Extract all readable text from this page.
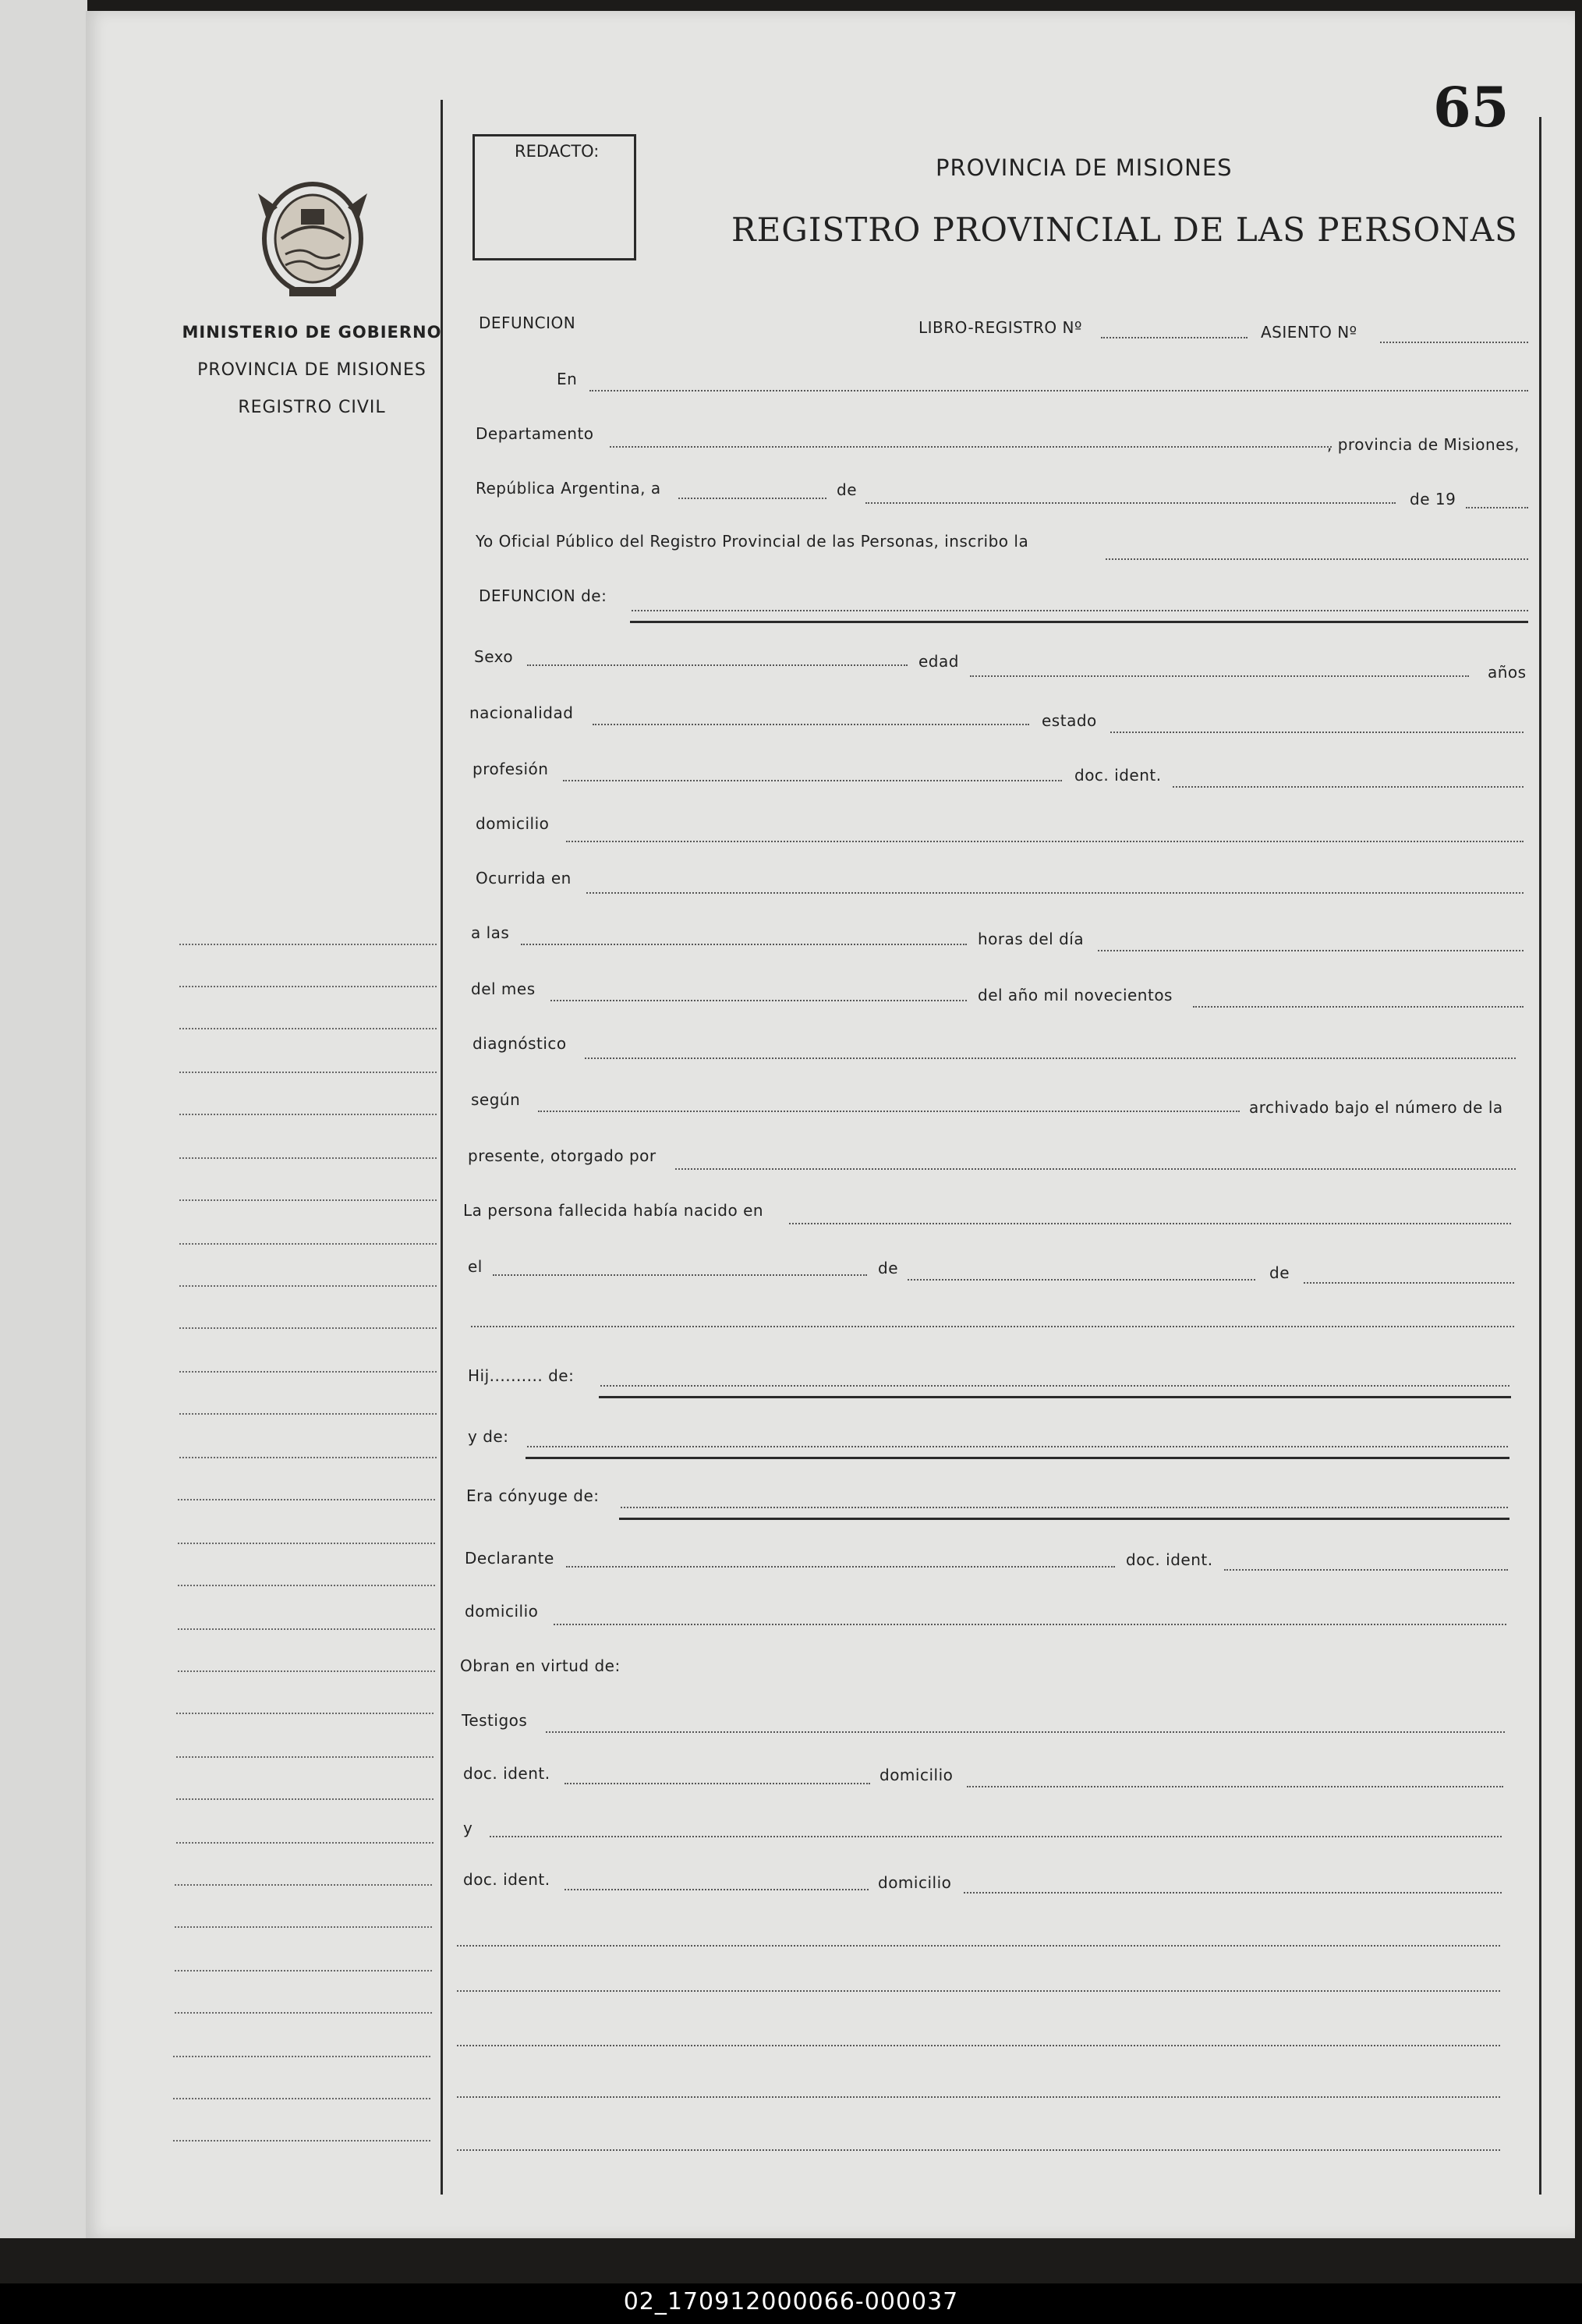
65
REDACTO:
PROVINCIA DE MISIONES
REGISTRO PROVINCIAL DE LAS PERSONAS
MINISTERIO DE GOBIERNO
PROVINCIA DE MISIONES
REGISTRO CIVIL
DEFUNCION	LIBRO-REGISTRO Nº	ASIENTO Nº
En
Departamento
, provincia de Misiones,
República Argentina, a	de	de 19
Yo Oficial Público del Registro Provincial de las Personas, inscribo la
DEFUNCION de:
Sexo	edad
años
nacionalidad	estado
profesión	doc. ident.
domicilio
Ocurrida en
a las	horas del día
del mes	del año mil novecientos
diagnóstico
según	archivado bajo el número de la
presente, otorgado por
La persona fallecida había nacido en
el	de	de
Hij.......... de:
y de:
Era cónyuge de:
Declarante	doc. ident.
domicilio
Obran en virtud de:
Testigos
doc. ident.	domicilio
y
doc. ident.	domicilio
02_170912000066-000037
